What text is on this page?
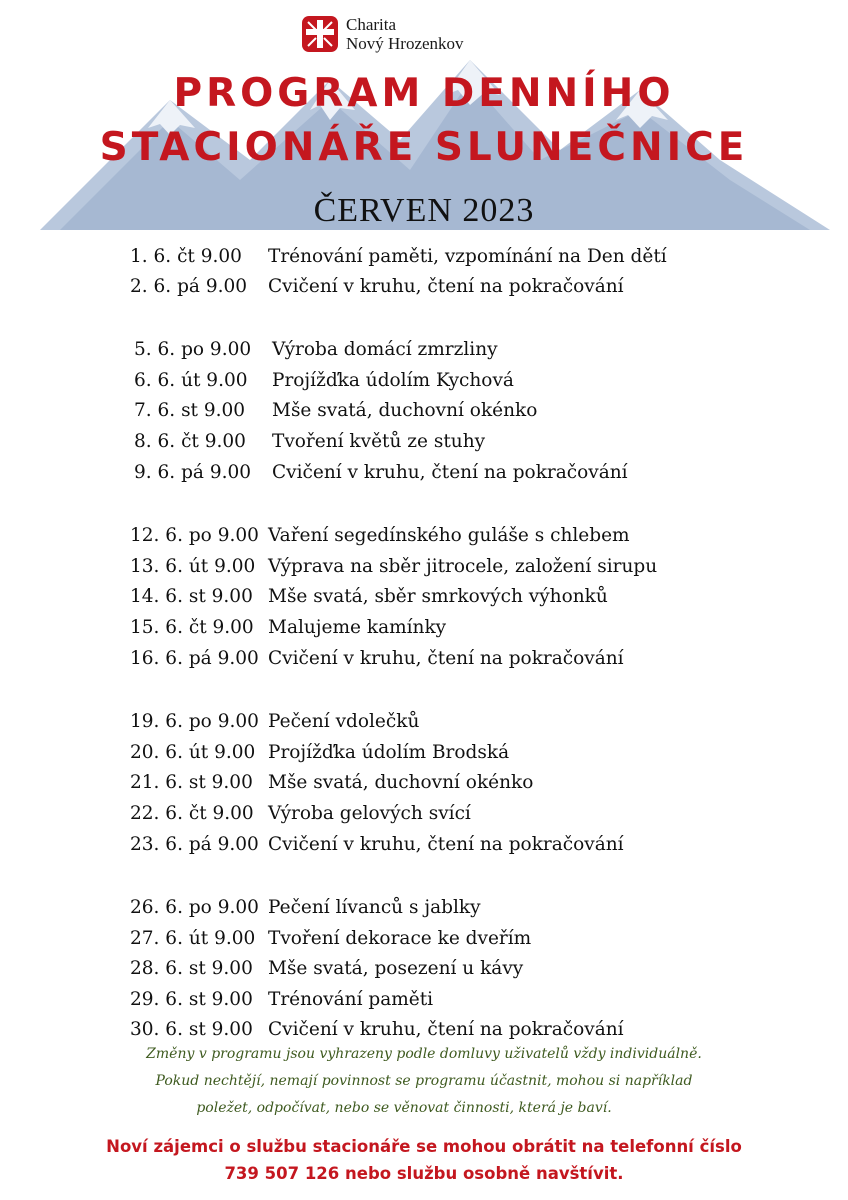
Charita
Nový Hrozenkov
PROGRAM DENNÍHO
STACIONÁŘE SLUNEČNICE
ČERVEN 2023
1. 6. čt 9.00 Trénování paměti, vzpomínání na Den dětí
2. 6. pá 9.00 Cvičení v kruhu, čtení na pokračování
5. 6. po 9.00 Výroba domácí zmrzliny
6. 6. út 9.00 Projížďka údolím Kychová
7. 6. st 9.00 Mše svatá, duchovní okénko
8. 6. čt 9.00 Tvoření květů ze stuhy
9. 6. pá 9.00 Cvičení v kruhu, čtení na pokračování
12. 6. po 9.00 Vaření segedínského guláše s chlebem
13. 6. út 9.00 Výprava na sběr jitrocele, založení sirupu
14. 6. st 9.00 Mše svatá, sběr smrkových výhonků
15. 6. čt 9.00 Malujeme kamínky
16. 6. pá 9.00 Cvičení v kruhu, čtení na pokračování
19. 6. po 9.00 Pečení vdolečků
20. 6. út 9.00 Projížďka údolím Brodská
21. 6. st 9.00 Mše svatá, duchovní okénko
22. 6. čt 9.00 Výroba gelových svící
23. 6. pá 9.00 Cvičení v kruhu, čtení na pokračování
26. 6. po 9.00 Pečení lívanců s jablky
27. 6. út 9.00 Tvoření dekorace ke dveřím
28. 6. st 9.00 Mše svatá, posezení u kávy
29. 6. st 9.00 Trénování paměti
30. 6. st 9.00 Cvičení v kruhu, čtení na pokračování
Změny v programu jsou vyhrazeny podle domluvy uživatelů vždy individuálně.
Pokud nechtějí, nemají povinnost se programu účastnit, mohou si například
poležet, odpočívat, nebo se věnovat činnosti, která je baví.
Noví zájemci o službu stacionáře se mohou obrátit na telefonní číslo
739 507 126 nebo službu osobně navštívit.
